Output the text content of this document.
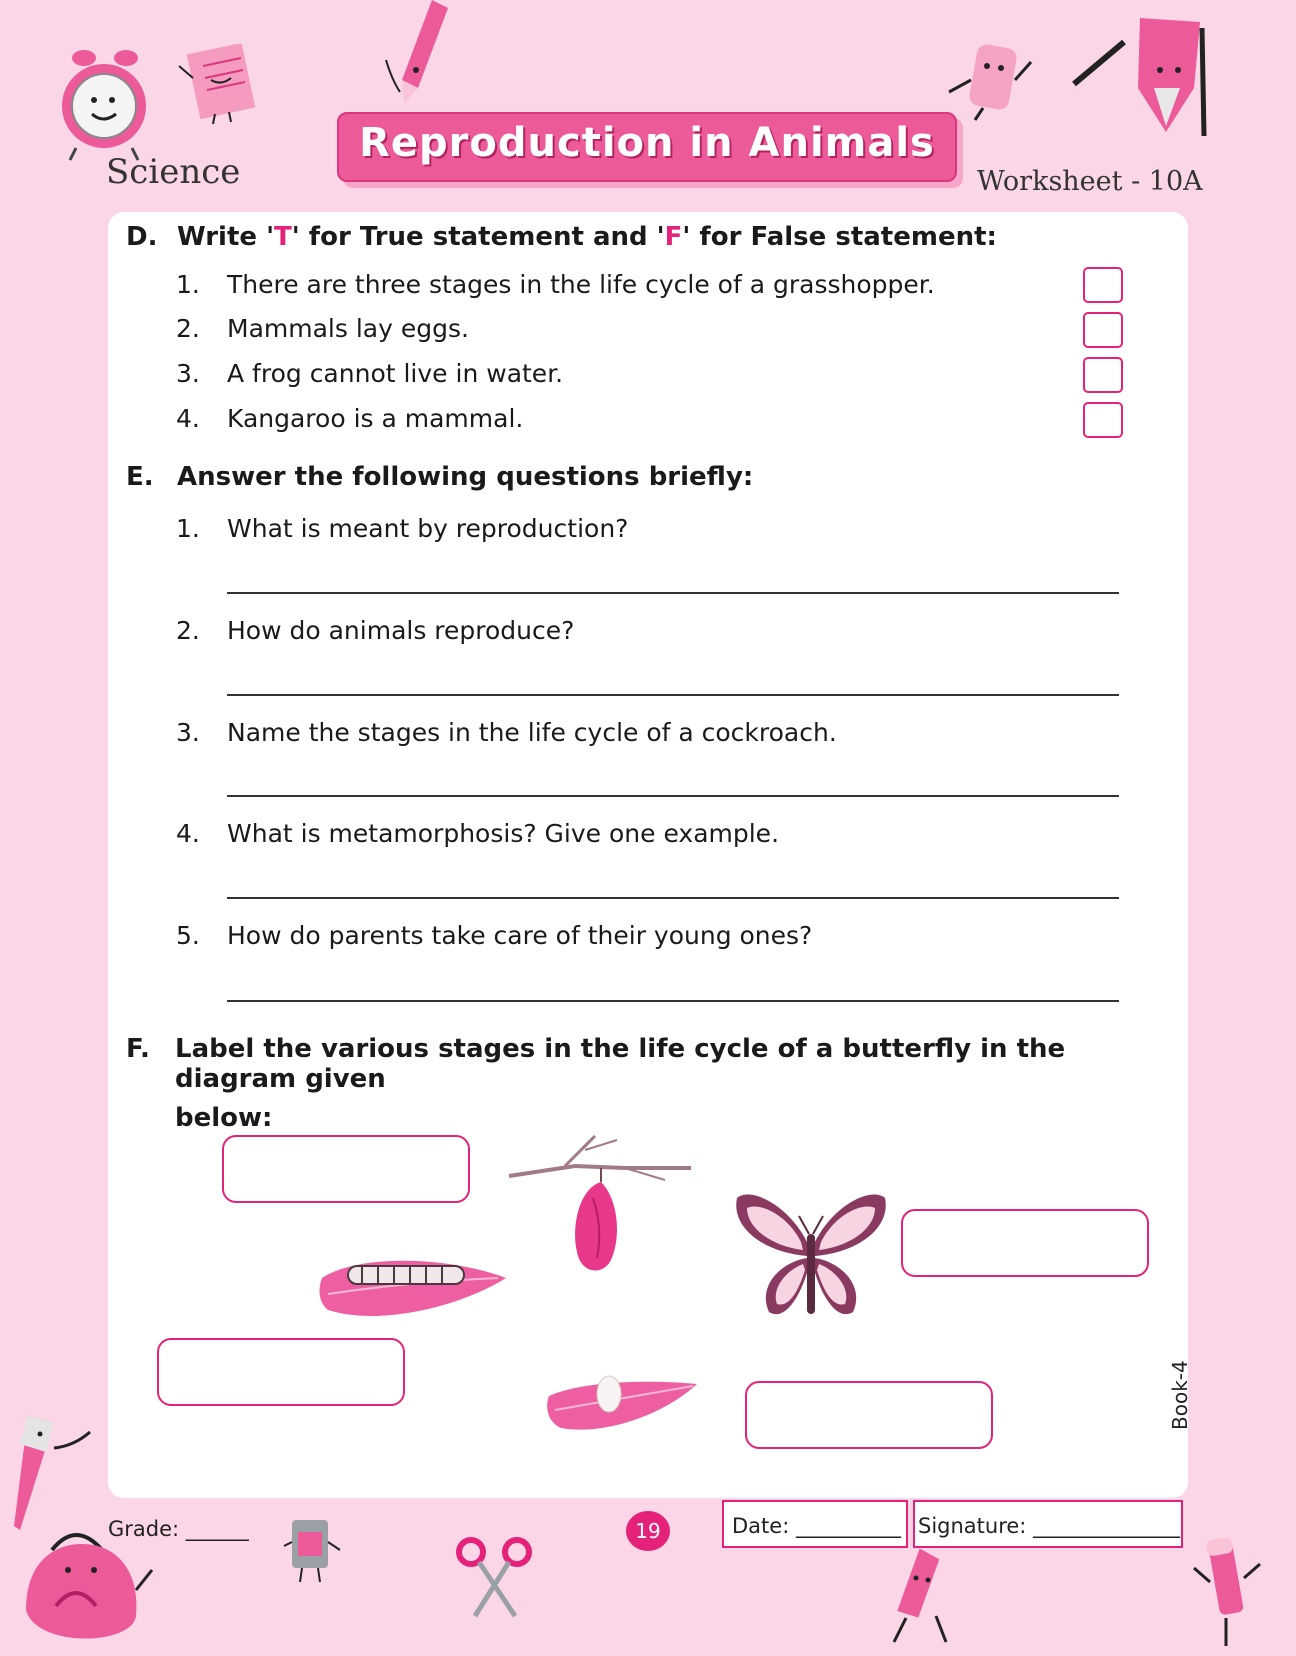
Science
Reproduction in Animals
Worksheet - 10A
D. Write 'T' for True statement and 'F' for False statement:
1. There are three stages in the life cycle of a grasshopper.
2. Mammals lay eggs.
3. A frog cannot live in water.
4. Kangaroo is a mammal.
E. Answer the following questions briefly:
1. What is meant by reproduction?
2. How do animals reproduce?
3. Name the stages in the life cycle of a cockroach.
4. What is metamorphosis? Give one example.
5. How do parents take care of their young ones?
F. Label the various stages in the life cycle of a butterfly in the diagram given
below:
Grade: ______	19	Date: __________ Signature: ______________
Book-4
